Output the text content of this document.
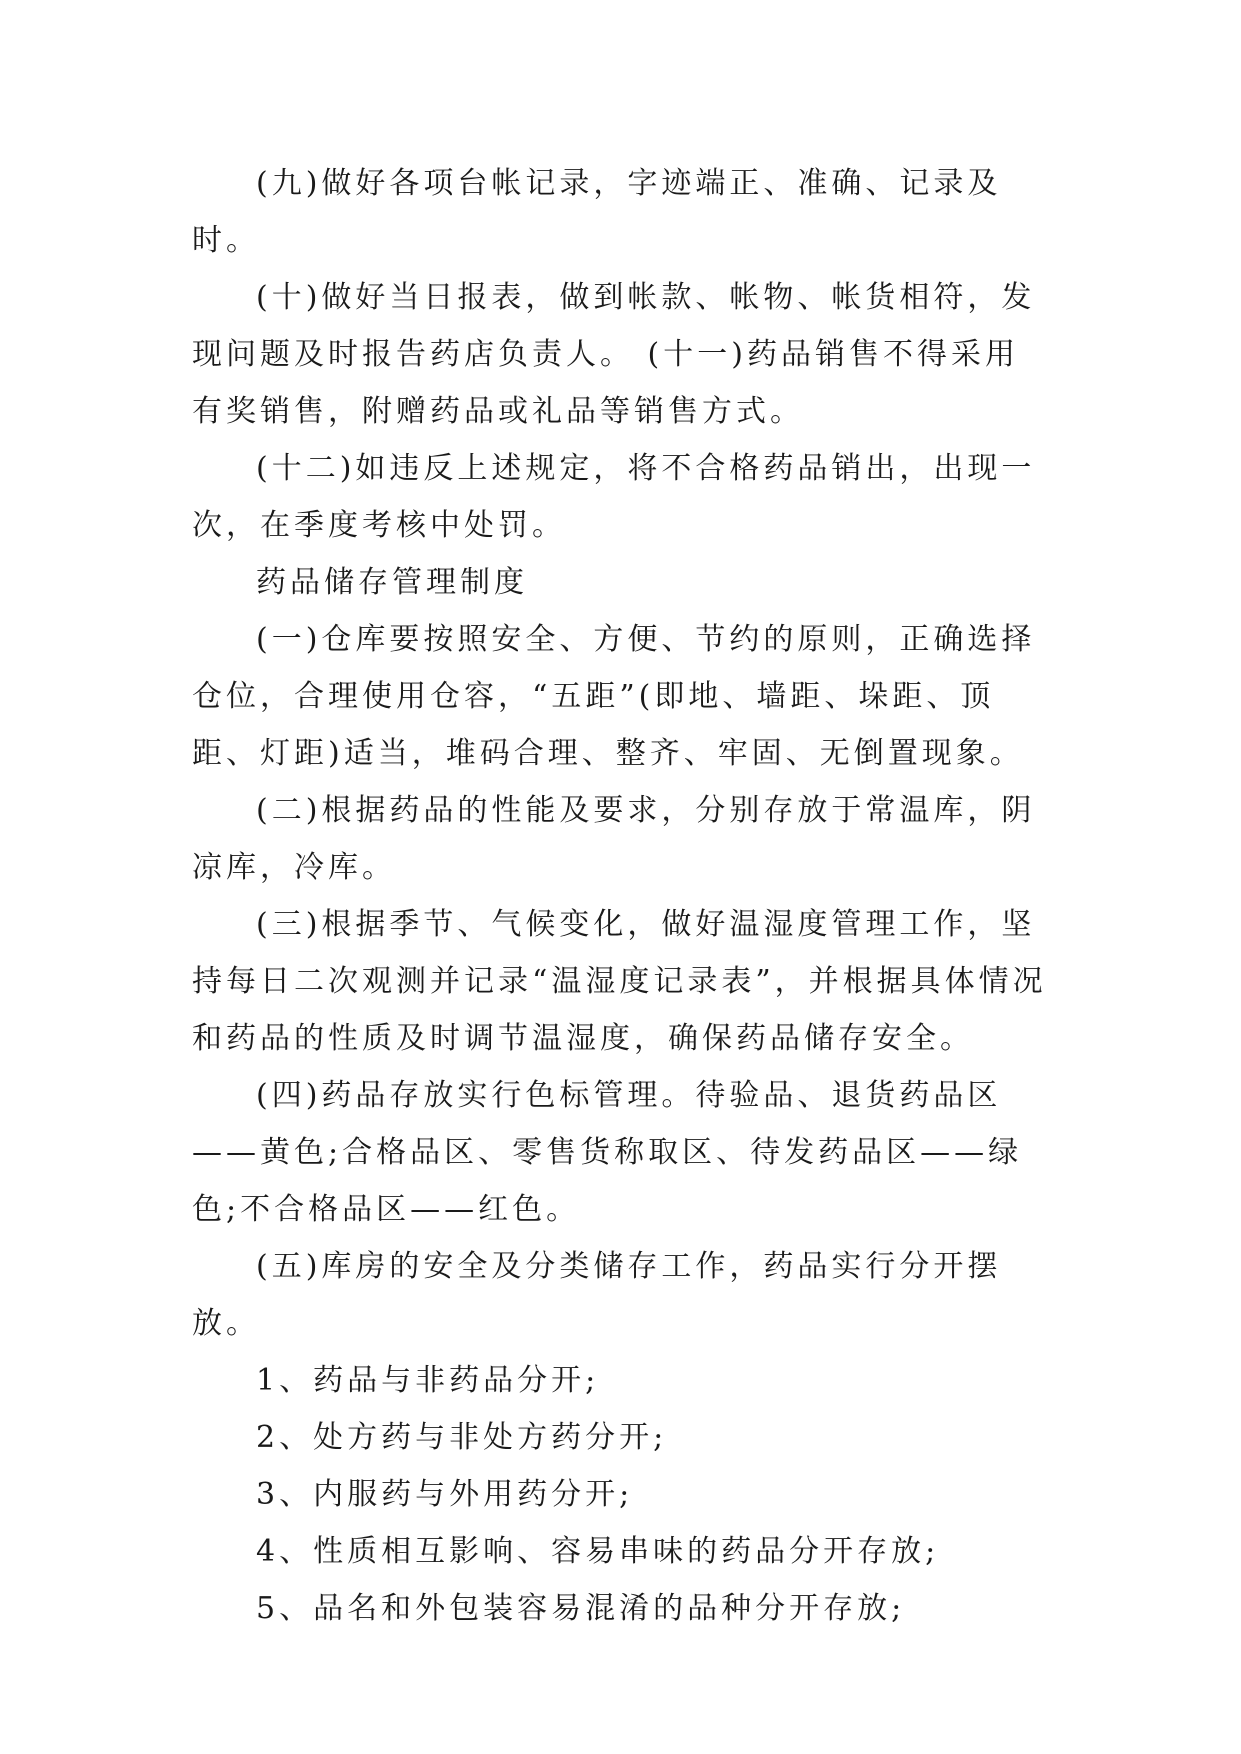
(九)做好各项台帐记录，字迹端正、准确、记录及时。

(十)做好当日报表，做到帐款、帐物、帐货相符，发现问题及时报告药店负责人。 (十一)药品销售不得采用有奖销售，附赠药品或礼品等销售方式。

(十二)如违反上述规定，将不合格药品销出，出现一次，在季度考核中处罚。

药品储存管理制度

(一)仓库要按照安全、方便、节约的原则，正确选择仓位，合理使用仓容，“五距”(即地、墙距、垛距、顶距、灯距)适当，堆码合理、整齐、牢固、无倒置现象。

(二)根据药品的性能及要求，分别存放于常温库，阴凉库，冷库。

(三)根据季节、气候变化，做好温湿度管理工作，坚持每日二次观测并记录“温湿度记录表”，并根据具体情况和药品的性质及时调节温湿度，确保药品储存安全。

(四)药品存放实行色标管理。待验品、退货药品区——黄色;合格品区、零售货称取区、待发药品区——绿色;不合格品区——红色。

(五)库房的安全及分类储存工作，药品实行分开摆放。

1、药品与非药品分开;

2、处方药与非处方药分开;

3、内服药与外用药分开;

4、性质相互影响、容易串味的药品分开存放;

5、品名和外包装容易混淆的品种分开存放;
